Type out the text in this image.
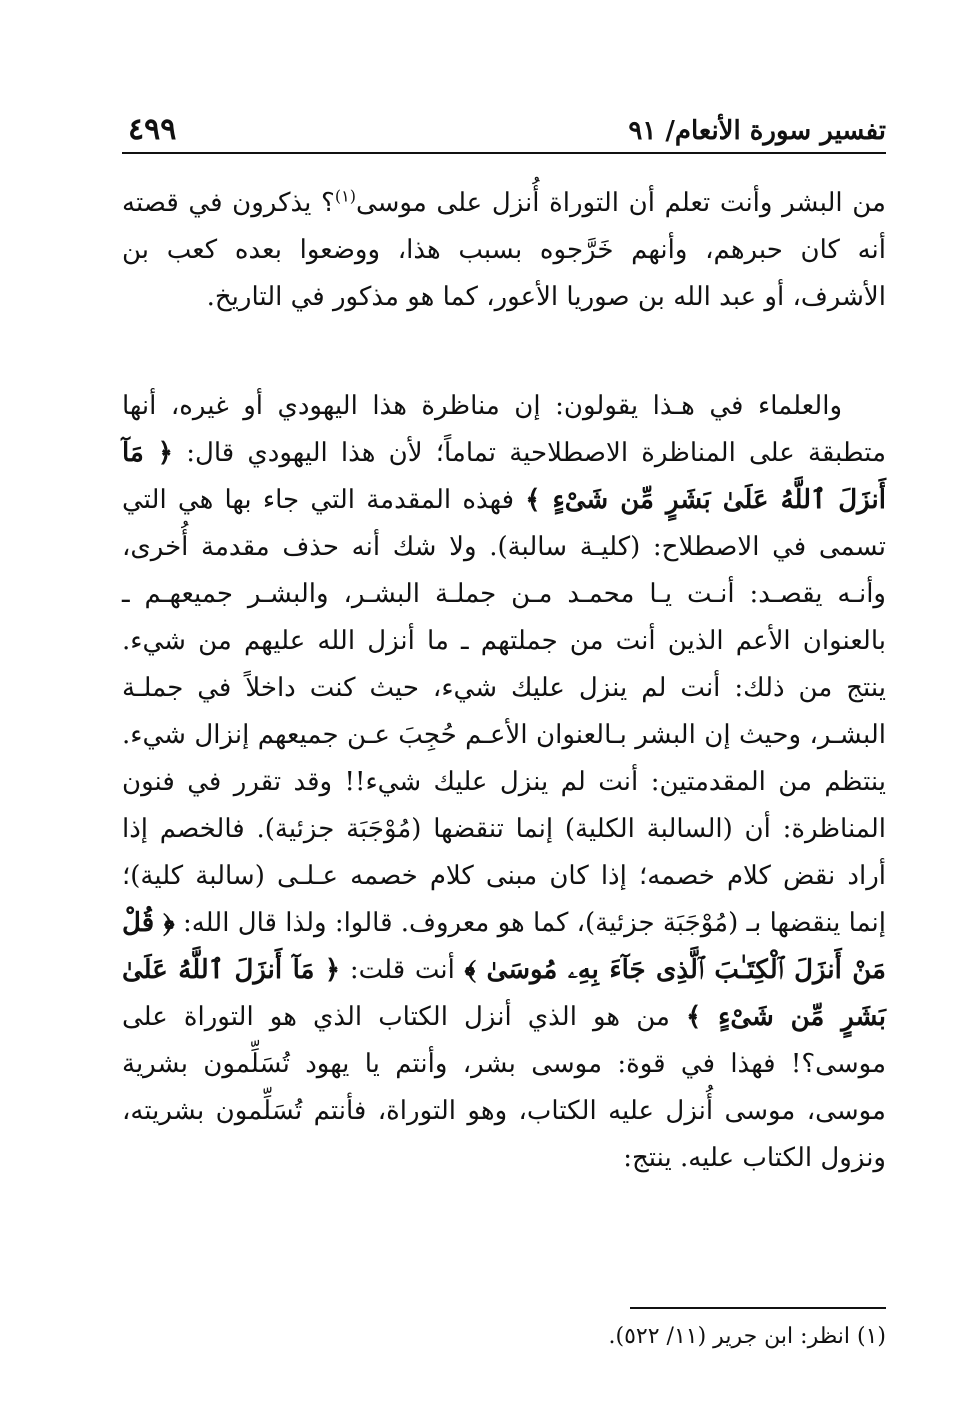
تفسير سورة الأنعام/ ٩١
٤٩٩

من البشر وأنت تعلم أن التوراة أُنزل على موسى$^{(١)}$؟ يذكرون في قصته أنه كان حبرهم، وأنهم خَرَّجوه بسبب هذا، ووضعوا بعده كعب بن الأشرف، أو عبد الله بن صوريا الأعور، كما هو مذكور في التاريخ.

والعلماء في هـذا يقولون: إن مناظرة هذا اليهودي أو غيره، أنها متطبقة على المناظرة الاصطلاحية تماماً؛ لأن هذا اليهودي قال: ﴿ مَآ أَنزَلَ ٱللَّهُ عَلَىٰ بَشَرٍ مِّن شَىْءٍ ﴾ فهذه المقدمة التي جاء بها هي التي تسمى في الاصطلاح: (كليـة سالبة). ولا شك أنه حذف مقدمة أُخرى، وأنـه يقصـد: أنـت يـا محمـد مـن جملـة البشـر، والبشـر جميعهـم ـ بالعنوان الأعم الذين أنت من جملتهم ـ ما أنزل الله عليهم من شيء. ينتج من ذلك: أنت لم ينزل عليك شيء، حيث كنت داخلاً في جملـة البشـر، وحيث إن البشر بـالعنوان الأعـم حُجِبَ عـن جميعهم إنزال شيء. ينتظم من المقدمتين: أنت لم ينزل عليك شيء!! وقد تقرر في فنون المناظرة: أن (السالبة الكلية) إنما تنقضها (مُوْجَبَة جزئية). فالخصم إذا أراد نقض كلام خصمه؛ إذا كان مبنى كلام خصمه عـلـى (سالبة كلية)؛ إنما ينقضها بـ (مُوْجَبَة جزئية)، كما هو معروف. قالوا: ولذا قال الله: ﴿ قُلْ مَنْ أَنزَلَ ٱلْكِتَـٰبَ ٱلَّذِى جَآءَ بِهِۦ مُوسَىٰ ﴾ أنت قلت: ﴿ مَآ أَنزَلَ ٱللَّهُ عَلَىٰ بَشَرٍ مِّن شَىْءٍ ﴾ من هو الذي أنزل الكتاب الذي هو التوراة على موسى؟! فهذا في قوة: موسى بشر، وأنتم يا يهود تُسَلِّمون بشرية موسى، موسى أُنزل عليه الكتاب، وهو التوراة، فأنتم تُسَلِّمون بشريته، ونزول الكتاب عليه. ينتج:

(١) انظر: ابن جرير (١١/ ٥٢٢).
